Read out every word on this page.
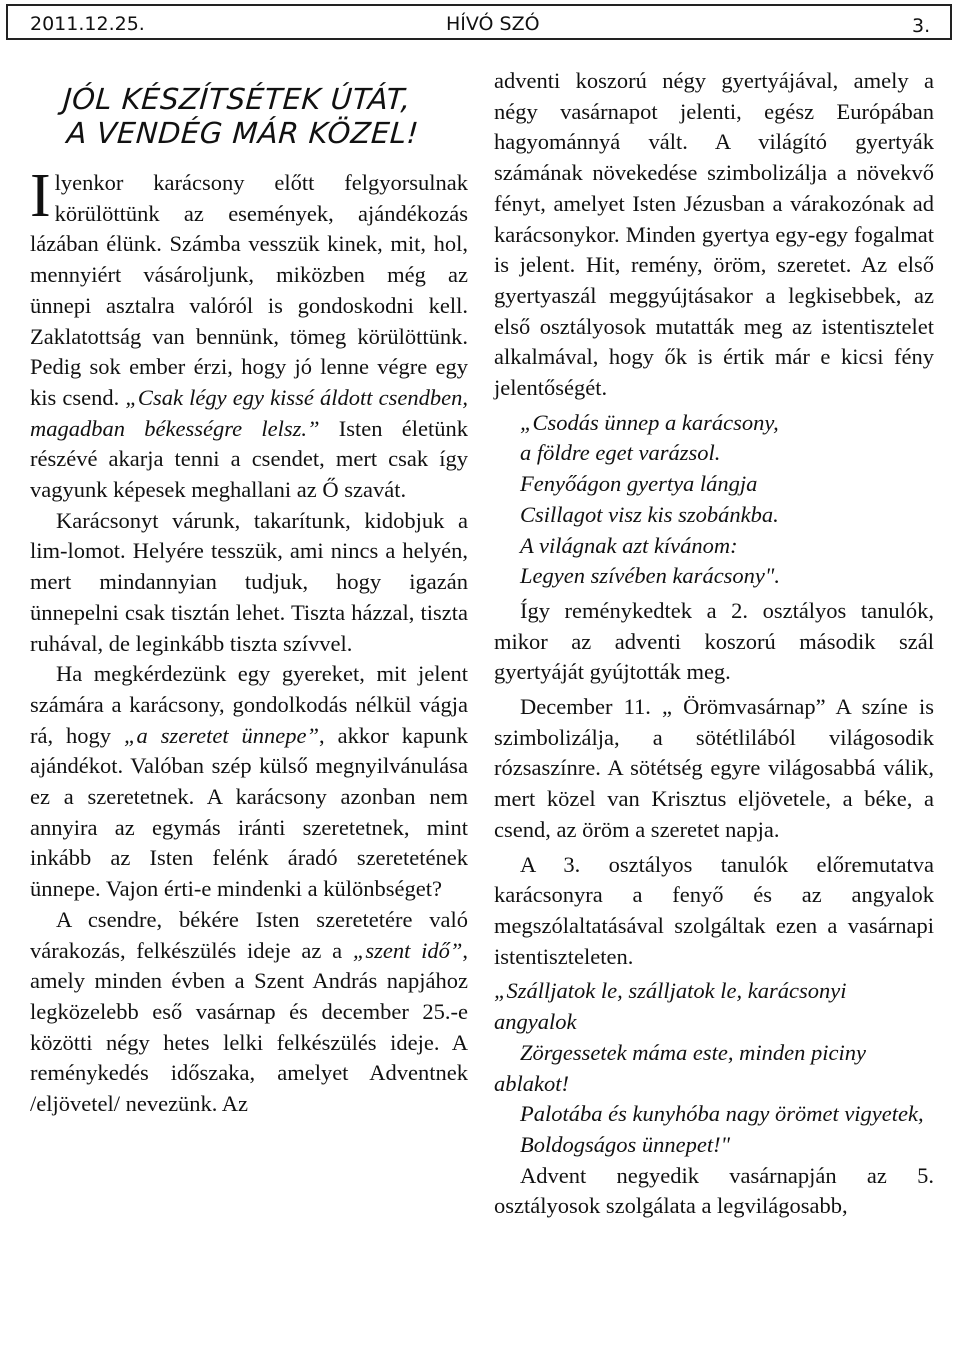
2011.12.25.	HÍVÓ SZÓ	3.
JÓL KÉSZÍTSÉTEK ÚTÁT,
A VENDÉG MÁR KÖZEL!

Ilyenkor karácsony előtt felgyorsulnak körülöttünk az események, ajándékozás lázában élünk. Számba vesszük kinek, mit, hol, mennyiért vásároljunk, miközben még az ünnepi asztalra valóról is gondoskodni kell. Zaklatottság van bennünk, tömeg körülöttünk. Pedig sok ember érzi, hogy jó lenne végre egy kis csend. „Csak légy egy kissé áldott csendben, magadban békességre lelsz.” Isten életünk részévé akarja tenni a csendet, mert csak így vagyunk képesek meghallani az Ő szavát.

Karácsonyt várunk, takarítunk, kidobjuk a lim-lomot. Helyére tesszük, ami nincs a helyén, mert mindannyian tudjuk, hogy igazán ünnepelni csak tisztán lehet. Tiszta házzal, tiszta ruhával, de leginkább tiszta szívvel.

Ha megkérdezünk egy gyereket, mit jelent számára a karácsony, gondolkodás nélkül vágja rá, hogy „a szeretet ünnepe”, akkor kapunk ajándékot. Valóban szép külső megnyilvánulása ez a szeretetnek. A karácsony azonban nem annyira az egymás iránti szeretetnek, mint inkább az Isten felénk áradó szeretetének ünnepe. Vajon érti-e mindenki a különbséget?

A csendre, békére Isten szeretetére való várakozás, felkészülés ideje az a „szent idő”, amely minden évben a Szent András napjához legközelebb eső vasárnap és december 25.-e közötti négy hetes lelki felkészülés ideje. A reménykedés időszaka, amelyet Adventnek /eljövetel/ nevezünk. Az

adventi koszorú négy gyertyájával, amely a négy vasárnapot jelenti, egész Európában hagyománnyá vált. A világító gyertyák számának növekedése szimbolizálja a növekvő fényt, amelyet Isten Jézusban a várakozónak ad karácsonykor. Minden gyertya egy-egy fogalmat is jelent. Hit, remény, öröm, szeretet. Az első gyertyaszál meggyújtásakor a legkisebbek, az első osztályosok mutatták meg az istentisztelet alkalmával, hogy ők is értik már e kicsi fény jelentőségét.

„Csodás ünnep a karácsony,

a földre eget varázsol.

Fenyőágon gyertya lángja

Csillagot visz kis szobánkba.

A világnak azt kívánom:

Legyen szívében karácsony".

Így reménykedtek a 2. osztályos tanulók, mikor az adventi koszorú második szál gyertyáját gyújtották meg.

December 11. „ Örömvasárnap” A színe is szimbolizálja, a sötétlilából világosodik rózsaszínre. A sötétség egyre világosabbá válik, mert közel van Krisztus eljövetele, a béke, a csend, az öröm a szeretet napja.

A 3. osztályos tanulók előremutatva karácsonyra a fenyő és az angyalok megszólaltatásával szolgáltak ezen a vasárnapi istentiszteleten.

„Szálljatok le, szálljatok le, karácsonyi angyalok

Zörgessetek máma este, minden piciny ablakot!

Palotába és kunyhóba nagy örömet vigyetek,

Boldogságos ünnepet!"

Advent negyedik vasárnapján az 5. osztályosok szolgálata a legvilágosabb,
